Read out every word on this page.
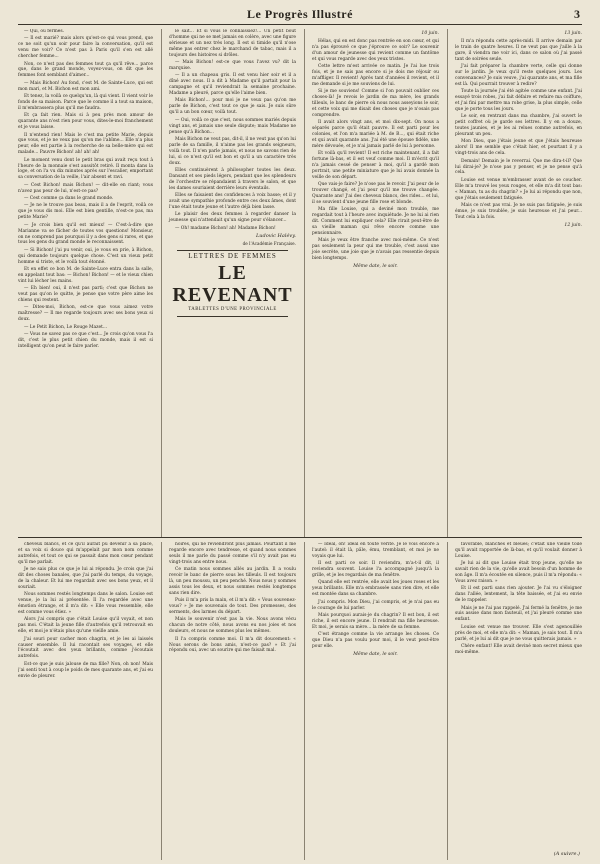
Le Progrès Illustré	3

— Qui, ou fermes.

— Il est marié? mais alors qu'est-ce qui vous prend, que ce ne soit qu'un soir pour faire la conversation, qu'il est venu me voir? Ce n'est pas à Paris qu'il s'en est allé chercher femme...

Non, ce n'est pas des femmes tout ça qu'il rêve... parce que, dans le grand monde, voyez-vous, on dit que les femmes font semblant d'aimer...

— Mais Bichon! Au fond, c'est M. de Sainte-Luce, qui est mon mari, et M. Bichon est mon ami.

Et tenez, la voilà ce quelqu'un, là qui vient. Il vient voir le fonds de sa maison. Parce que le comme il a tout sa maison, il m'embrassera plus qu'il me faudra.

Et ça fait rien. Mais si à peu près mon amour de quarante ans n'est rien pour vous, dites-le-moi franchement et je vous laisse.

Il n'entend rien! Mais le c'est ma petite Marie, depuis que vous, et je ne veux pas qu'on me l'abîme... Elle n'a plus peur, elle est partie à la recherche de sa belle-mère qui est malade... Pauvre Bichon! ah! ah! ah!

Le moment venu dont le petit bras qui avait reçu tout à l'heure de la monnaie s'est aussitôt retiré. Il monta dans la loge, et on l'a vu dix minutes après sur l'escalier, emportant sa conversation de la veille, l'air absent et ravi.

— Cest Bichon! mais Bichon! — dit-elle en riant; vous n'avez pas peur de lui, n'est-ce pas?

— Cest comme ça dans le grand monde.

— Je ne le trouve pas beau, mais il a de l'esprit, voilà ce que je vous dis moi. Elle est bien gentille, n'est-ce pas, ma petite Marie?

— Je crois bien qu'il est mieux! — C'est-à-dire que Marianne va se fâcher de toutes vos questions! Monsieur, on ne comprend pas pourquoi il y a des gens si rares, et que tous les gens du grand monde le reconnaissent.

— Si Bichon! j'ai pu venir, oui, je vous en prie, à Bichon, qui demande toujours quelque chose. C'est un vieux petit homme si triste, et le voilà tout étonné.

Et en effet ce bon M. de Sainte-Luce entra dans la salle, en appelant tout bas: — Bichon! Bichon! — et le vieux chien vint lui lécher les mains.

— Eh bien! oui, il n'est pas parti; c'est que Bichon ne veut pas qu'on le quitte, je pense que votre père aime les chiens qui restent.

— Dites-moi, Bichon, est-ce que vous aimez votre maîtresse? — Il me regarde toujours avec ses bons yeux si doux.

— Le Petit Bichon, Le Rouge Mazet...

— Vous ne savez pas ce que c'est... Je crois qu'on vous l'a dit, c'est le plus petit chien du monde, mais il est si intelligent qu'on peut le faire parler.

le sait... Et si vous le connaissiez!... Un petit bout d'homme qui ne se met jamais en colère, avec une figure sérieuse et un nez très long. Il est si timide qu'il n'ose même pas entrer chez le marchand de tabac, mais il a toujours des histoires si drôles.

— Mais Bichon! est-ce que vous l'avez vu? dit la marquise.

— Il a un chapeau gris. Il est venu hier soir et il a dîné avec nous. Il a dit à Madame qu'il partait pour la campagne et qu'il reviendrait la semaine prochaine. Madame a pleuré, parce qu'elle l'aime bien.

Mais Bichon!... pour moi je ne veux pas qu'on me parle de Bichon, c'est tout ce que je sais. Je suis sûre qu'il a un bon cœur, voilà tout.

— Oui, voilà ce que c'est, nous sommes mariés depuis vingt ans, et jamais une seule dispute; mais Madame ne pense qu'à Bichon...

Mais Bichon ne veut pas, dit-il, il ne veut pas qu'on lui parle de sa famille, il n'aime pas les grands seigneurs, voilà tout. Il n'en parle jamais, et nous ne savons rien de lui, si ce n'est qu'il est bon et qu'il a un caractère très doux.

Elles continuèrent à philosopher toutes les deux. Dansant et ses pieds légers, pendant que les splendeurs de l'orchestre se répandaient à travers le salon, et que les dames souriaient derrière leurs éventails.

Elles se faisaient des confidences à voix basse; et il y avait une sympathie profonde entre ces deux âmes, dont l'une était toute jeune et l'autre déjà bien lasse.

Le plaisir des deux femmes à regarder danser la jeunesse qui n'attendait qu'un signe pour s'élancer...

— Oh! madame Bichon! ah! Madame Bichon!

Ludovic Halévy.

de l'Académie Française.

LETTRES DE FEMMES
LE REVENANT
TABLETTES D'UNE PROVINCIALE
10 juin.

Hélas, qui en est donc pas rentrée en son cœur, et qui n'a pas éprouvé ce que j'éprouve ce soir? Le souvenir d'un amour de jeunesse qui revient comme un fantôme et qui vous regarde avec des yeux tristes.

Cette lettre m'est arrivée ce matin. Je l'ai lue trois fois, et je ne sais pas encore si je dois me réjouir ou m'affliger. Il revient! Après tant d'années il revient, et il me demande si je me souviens de lui.

Si je me souviens! Comme si l'on pouvait oublier ces choses-là! Je revois le jardin de ma mère, les grands tilleuls, le banc de pierre où nous nous asseyions le soir, et cette voix qui me disait des choses que je n'osais pas comprendre.

Il avait alors vingt ans, et moi dix-sept. On nous a séparés parce qu'il était pauvre. Il est parti pour les colonies, et l'on m'a mariée à M. de B..., qui était riche et qui avait quarante ans. J'ai été une épouse fidèle, une mère dévouée, et je n'ai jamais parlé de lui à personne.

Et voilà qu'il revient! Il est riche maintenant, il a fait fortune là-bas, et il est veuf comme moi. Il m'écrit qu'il n'a jamais cessé de penser à moi, qu'il a gardé mon portrait, une petite miniature que je lui avais donnée la veille de son départ.

Que vais-je faire? Je n'ose pas le revoir. J'ai peur de le trouver changé, et j'ai peur qu'il me trouve changée. Quarante ans! J'ai des cheveux blancs, des rides... et lui, il se souvient d'une jeune fille rose et blonde.

Ma fille Louise, qui a deviné mon trouble, me regardait tout à l'heure avec inquiétude. Je ne lui ai rien dit. Comment lui expliquer cela? Elle rirait peut-être de sa vieille maman qui rêve encore comme une pensionnaire.

Mais je veux être franche avec moi-même. Ce n'est pas seulement la peur qui me trouble, c'est aussi une joie secrète, une joie que je n'avais pas ressentie depuis bien longtemps.

Même date, le soir.
13 juin.

Il m'a répondu cette après-midi. Il arrive demain par le train de quatre heures. Il ne veut pas que j'aille à la gare, il viendra me voir ici, dans ce salon où j'ai passé tant de soirées seule.

J'ai fait préparer la chambre verte, celle qui donne sur le jardin. Je veux qu'il reste quelques jours. Les convenances? Je suis veuve, j'ai quarante ans, et ma fille est là. Qui pourrait trouver à redire?

Toute la journée j'ai été agitée comme une enfant. J'ai essayé trois robes, j'ai fait défaire et refaire ma coiffure, et j'ai fini par mettre ma robe grise, la plus simple, celle que je porte tous les jours.

Le soir, en rentrant dans ma chambre, j'ai ouvert le petit coffret où je garde ses lettres. Il y en a douze, toutes jaunies, et je les ai relues comme autrefois, en pleurant un peu.

Mon Dieu, que j'étais jeune et que j'étais heureuse alors! Il me semble que c'était hier, et pourtant il y a vingt-trois ans de cela.

Demain! Demain je le reverrai. Que me dira-t-il? Que lui dirai-je? Je n'ose pas y penser, et je ne pense qu'à cela.

Louise est venue m'embrasser avant de se coucher. Elle m'a trouvé les yeux rouges, et elle m'a dit tout bas: « Maman, tu as du chagrin? » Je lui ai répondu que non, que j'étais seulement fatiguée.

Mais ce n'est pas vrai. Je ne suis pas fatiguée, je suis émue, je suis troublée, je suis heureuse et j'ai peur... Tout cela à la fois.

12 juin.

cheveux blancs, et ce qu'il aurait pu devenir à sa place, et sa voix si douce qui m'appelait par mon nom comme autrefois, et tout ce qui se passait dans mon cœur pendant qu'il me parlait.

Je ne sais plus ce que je lui ai répondu. Je crois que j'ai dit des choses banales, que j'ai parlé du temps, du voyage, de la chaleur. Et lui me regardait avec ses bons yeux, et il souriait.

Nous sommes restés longtemps dans le salon. Louise est venue, je la lui ai présentée. Il l'a regardée avec une émotion étrange, et il m'a dit: « Elle vous ressemble, elle est comme vous étiez. »

Alors j'ai compris que c'était Louise qu'il voyait, et non pas moi. C'était la jeune fille d'autrefois qu'il retrouvait en elle, et moi je n'étais plus qu'une vieille amie.

J'ai souri pour cacher mon chagrin, et je les ai laissés causer ensemble. Il lui racontait ses voyages, et elle l'écoutait avec des yeux brillants, comme j'écoutais autrefois.

Est-ce que je suis jalouse de ma fille? Non, oh non! Mais j'ai senti tout à coup le poids de mes quarante ans, et j'ai eu envie de pleurer.

noires, qui ne reviendront plus jamais. Pourtant il me regarde encore avec tendresse, et quand nous sommes seuls il me parle du passé comme s'il n'y avait pas eu vingt-trois ans entre nous.

Ce matin nous sommes allés au jardin. Il a voulu revoir le banc de pierre sous les tilleuls. Il est toujours là, un peu moussu, un peu penché. Nous nous y sommes assis tous les deux, et nous sommes restés longtemps sans rien dire.

Puis il m'a pris la main, et il m'a dit: « Vous souvenez-vous? » Je me souvenais de tout. Des promesses, des serments, des larmes du départ.

Mais le souvenir n'est pas la vie. Nous avons vécu chacun de notre côté, nous avons eu nos joies et nos douleurs, et nous ne sommes plus les mêmes.

Il l'a compris comme moi. Il m'a dit doucement: « Nous serons de bons amis, n'est-ce pas? » Et j'ai répondu oui, avec un sourire qui me faisait mal.

— Idéal, oh! idéal en toute vérité. Je le vois encore à l'autel: il était là, pâle, ému, tremblant, et moi je ne voyais que lui.

Il est parti ce soir. Il reviendra, m'a-t-il dit, il reviendra souvent. Louise l'a accompagné jusqu'à la grille, et je les regardais de ma fenêtre.

Quand elle est rentrée, elle avait les joues roses et les yeux brillants. Elle m'a embrassée sans rien dire, et elle est montée dans sa chambre.

J'ai compris. Mon Dieu, j'ai compris, et je n'ai pas eu le courage de lui parler.

Mais pourquoi aurais-je du chagrin? Il est bon, il est riche, il est encore jeune. Il rendrait ma fille heureuse. Et moi, je serais sa mère... la mère de sa femme.

C'est étrange comme la vie arrange les choses. Ce que Dieu n'a pas voulu pour moi, il le veut peut-être pour elle.

Même date, le soir.

favorable, blanches et bleues; c'était une vieille toile qu'il avait rapportée de là-bas, et qu'il voulait donner à Louise.

Je lui ai dit que Louise était trop jeune, qu'elle ne savait rien de la vie, qu'elle avait besoin d'un homme de son âge. Il m'a écoutée en silence, puis il m'a répondu: « Vous avez raison. »

Et il est parti sans rien ajouter. Je l'ai vu s'éloigner dans l'allée, lentement, la tête baissée, et j'ai eu envie de le rappeler.

Mais je ne l'ai pas rappelé. J'ai fermé la fenêtre, je me suis assise dans mon fauteuil, et j'ai pleuré comme une enfant.

Louise est venue me trouver. Elle s'est agenouillée près de moi, et elle m'a dit: « Maman, je sais tout. Il m'a parlé, et je lui ai dit que je ne vous quitterais jamais. »

Chère enfant! Elle avait deviné mon secret mieux que moi-même.

(A suivre.)
